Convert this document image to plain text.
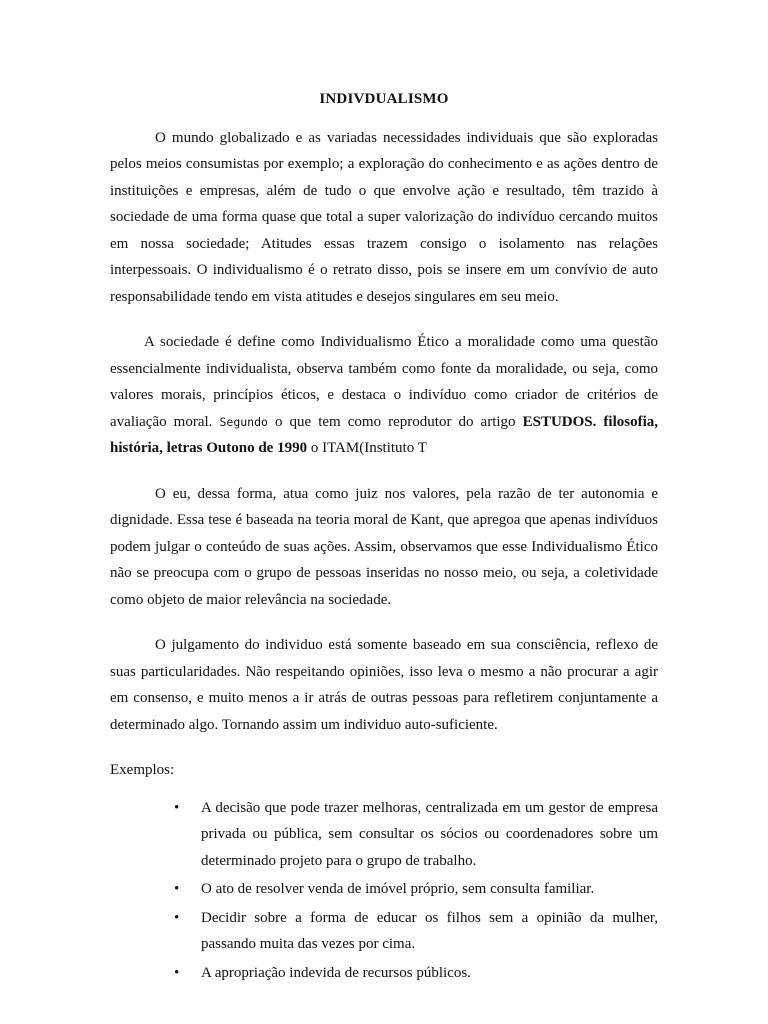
INDIVDUALISMO

O mundo globalizado e as variadas necessidades individuais que são exploradas pelos meios consumistas por exemplo; a exploração do conhecimento e as ações dentro de instituições e empresas, além de tudo o que envolve ação e resultado, têm trazido à sociedade de uma forma quase que total a super valorização do indivíduo cercando muitos em nossa sociedade; Atitudes essas trazem consigo o isolamento nas relações interpessoais. O individualismo é o retrato disso, pois se insere em um convívio de auto responsabilidade tendo em vista atitudes e desejos singulares em seu meio.

A sociedade é define como Individualismo Ético a moralidade como uma questão essencialmente individualista, observa também como fonte da moralidade, ou seja, como valores morais, princípios éticos, e destaca o indivíduo como criador de critérios de avaliação moral. Segundo o que tem como reprodutor do artigo ESTUDOS. filosofia, história, letras Outono de 1990 o ITAM(Instituto T

O eu, dessa forma, atua como juiz nos valores, pela razão de ter autonomia e dignidade. Essa tese é baseada na teoria moral de Kant, que apregoa que apenas indivíduos podem julgar o conteúdo de suas ações. Assim, observamos que esse Individualismo Ético não se preocupa com o grupo de pessoas inseridas no nosso meio, ou seja, a coletividade como objeto de maior relevância na sociedade.

O julgamento do individuo está somente baseado em sua consciência, reflexo de suas particularidades. Não respeitando opiniões, isso leva o mesmo a não procurar a agir em consenso, e muito menos a ir atrás de outras pessoas para refletirem conjuntamente a determinado algo. Tornando assim um individuo auto-suficiente.

Exemplos:

• A decisão que pode trazer melhoras, centralizada em um gestor de empresa privada ou pública, sem consultar os sócios ou coordenadores sobre um determinado projeto para o grupo de trabalho.
• O ato de resolver venda de imóvel próprio, sem consulta familiar.
• Decidir sobre a forma de educar os filhos sem a opinião da mulher, passando muita das vezes por cima.
• A apropriação indevida de recursos públicos.
